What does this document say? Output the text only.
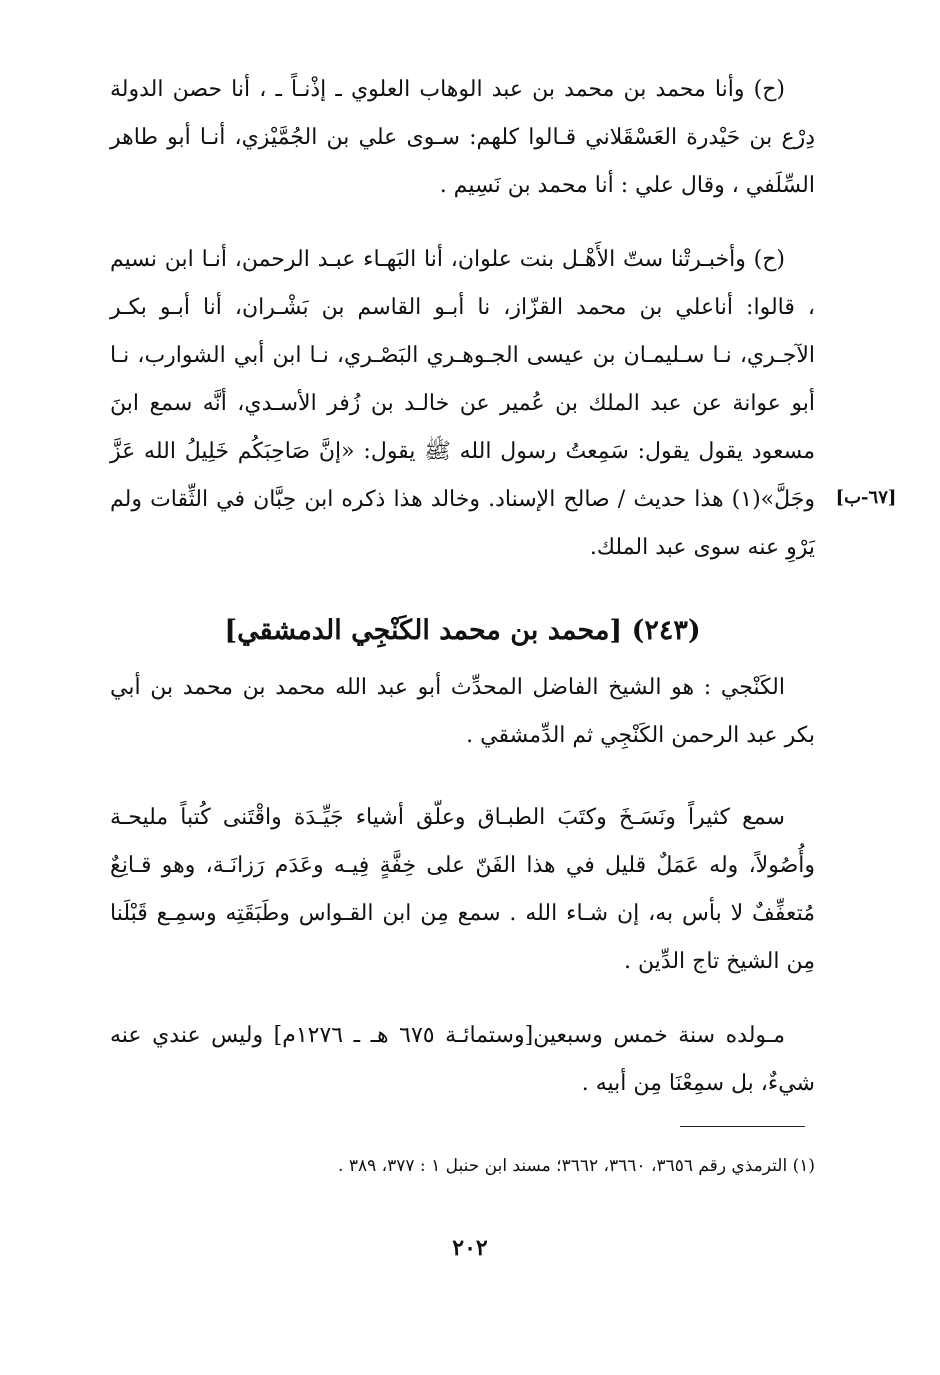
(ح) وأنا محمد بن محمد بن عبد الوهاب العلوي ـ إذْنـاً ـ ، أنا حصن الدولة دِرْع بن حَيْدرة العَسْقَلاني قـالوا كلهم: سـوى علي بن الجُمَّيْزي، أنـا أبو طاهر السِّلَفي ، وقال علي : أنا محمد بن نَسِيم .

(ح) وأخبـرتْنا ستّ الأَهْـل بنت علوان، أنا البَهـاء عبـد الرحمن، أنـا ابن نسيم ، قالوا: أناعلي بن محمد القزّاز، نا أبـو القاسم بن بَشْـران، أنا أبـو بكـر الآجـري، نـا سـليمـان بن عيسى الجـوهـري البَصْـري، نـا ابن أبي الشوارب، نـا أبو عوانة عن عبد الملك بن عُمير عن خالـد بن زُفر الأسـدي، أنَّه سمع ابنَ مسعود يقول يقول: سَمِعتُ رسول الله ﷺ يقول: «إنَّ صَاحِبَكُم خَلِيلُ الله عَزَّ وجَلَّ»(١) هذا حديث / صالح الإسناد. وخالد هذا ذكره ابن حِبَّان في الثِّقات ولم يَرْوِ عنه سوى عبد الملك.

[٦٧-ب]
(٢٤٣) [محمد بن محمد الكَنْجِي الدمشقي]

الكَنْجي : هو الشيخ الفاضل المحدِّث أبو عبد الله محمد بن محمد بن أبي بكر عبد الرحمن الكَنْجِي ثم الدِّمشقي .

سمع كثيراً ونَسَـخَ وكتَبَ الطبـاق وعلّق أشياء جَيِّـدَة واقْتَنى كُتباً مليحـة وأُصُولاً، وله عَمَلٌ قليل في هذا الفَنّ على خِفَّةٍ فِيـه وعَدَم رَزانَـة، وهو قـانِعٌ مُتعفِّفٌ لا بأس به، إن شـاء الله . سمع مِن ابن القـواس وطَبَقَتِه وسمِـع قَبْلَنا مِن الشيخ تاج الدِّين .

مـولده سنة خمس وسبعين[وستمائـة ٦٧٥ هـ ـ ١٢٧٦م] وليس عندي عنه شيءٌ، بل سمِعْنَا مِن أبيه .

(١) الترمذي رقم ٣٦٥٦، ٣٦٦٠، ٣٦٦٢؛ مسند ابن حنبل ١ : ٣٧٧، ٣٨٩ .
٢٠٢
